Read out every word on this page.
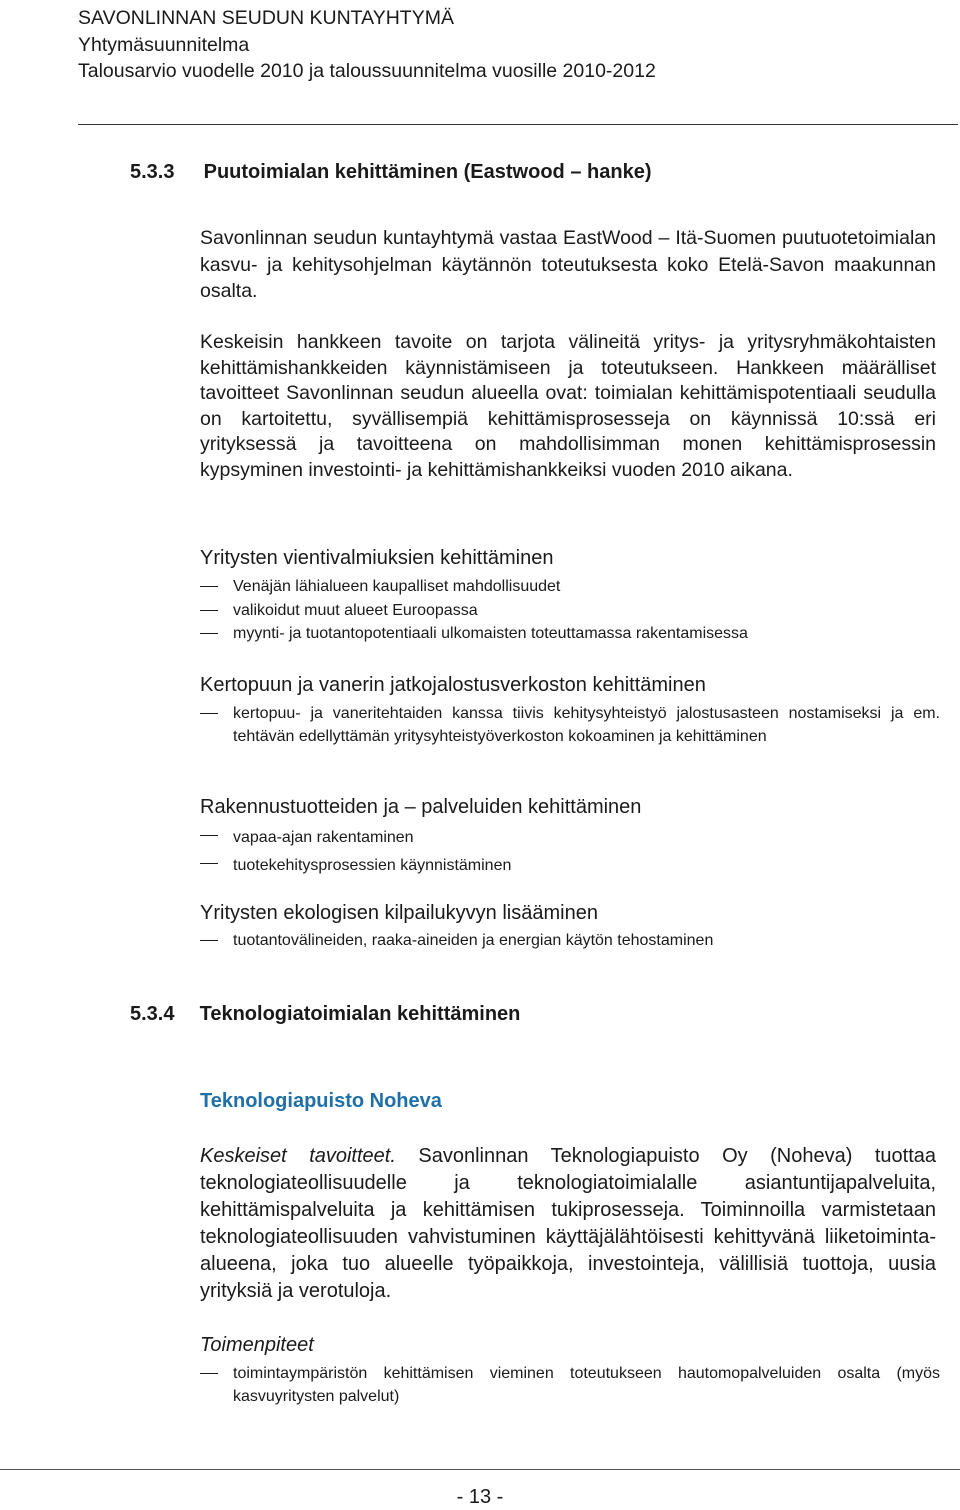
SAVONLINNAN SEUDUN KUNTAYHTYMÄ
Yhtymäsuunnitelma
Talousarvio vuodelle 2010 ja taloussuunnitelma vuosille 2010-2012
5.3.3 Puutoimialan kehittäminen (Eastwood – hanke)
Savonlinnan seudun kuntayhtymä vastaa EastWood – Itä-Suomen puutuotetoimialan kasvu- ja kehitysohjelman käytännön toteutuksesta koko Etelä-Savon maakunnan osalta.
Keskeisin hankkeen tavoite on tarjota välineitä yritys- ja yritysryhmäkohtaisten kehittämishankkeiden käynnistämiseen ja toteutukseen. Hankkeen määrälliset tavoitteet Savonlinnan seudun alueella ovat: toimialan kehittämispotentiaali seudulla on kartoitettu, syvällisempiä kehittämisprosesseja on käynnissä 10:ssä eri yrityksessä ja tavoitteena on mahdollisimman monen kehittämisprosessin kypsyminen investointi- ja kehittämishankkeiksi vuoden 2010 aikana.
Yritysten vientivalmiuksien kehittäminen
Venäjän lähialueen kaupalliset mahdollisuudet
valikoidut muut alueet Euroopassa
myynti- ja tuotantopotentiaali ulkomaisten toteuttamassa rakentamisessa
Kertopuun ja vanerin jatkojalostusverkoston kehittäminen
kertopuu- ja vaneritehtaiden kanssa tiivis kehitysyhteistyö jalostusasteen nostamiseksi ja em. tehtävän edellyttämän yritysyhteistyöverkoston kokoaminen ja kehittäminen
Rakennustuotteiden ja – palveluiden kehittäminen
vapaa-ajan rakentaminen
tuotekehitysprosessien käynnistäminen
Yritysten ekologisen kilpailukyvyn lisääminen
tuotantovälineiden, raaka-aineiden ja energian käytön tehostaminen
5.3.4 Teknologiatoimialan kehittäminen
Teknologiapuisto Noheva
Keskeiset tavoitteet. Savonlinnan Teknologiapuisto Oy (Noheva) tuottaa teknologiateollisuudelle ja teknologiatoimialalle asiantuntijapalveluita, kehittämispalveluita ja kehittämisen tukiprosesseja. Toiminnoilla varmistetaan teknologiateollisuuden vahvistuminen käyttäjälähtöisesti kehittyvänä liiketoiminta-alueena, joka tuo alueelle työpaikkoja, investointeja, välillisiä tuottoja, uusia yrityksiä ja verotuloja.
Toimenpiteet
toimintaympäristön kehittämisen vieminen toteutukseen hautomopalveluiden osalta (myös kasvuyritysten palvelut)
- 13 -
